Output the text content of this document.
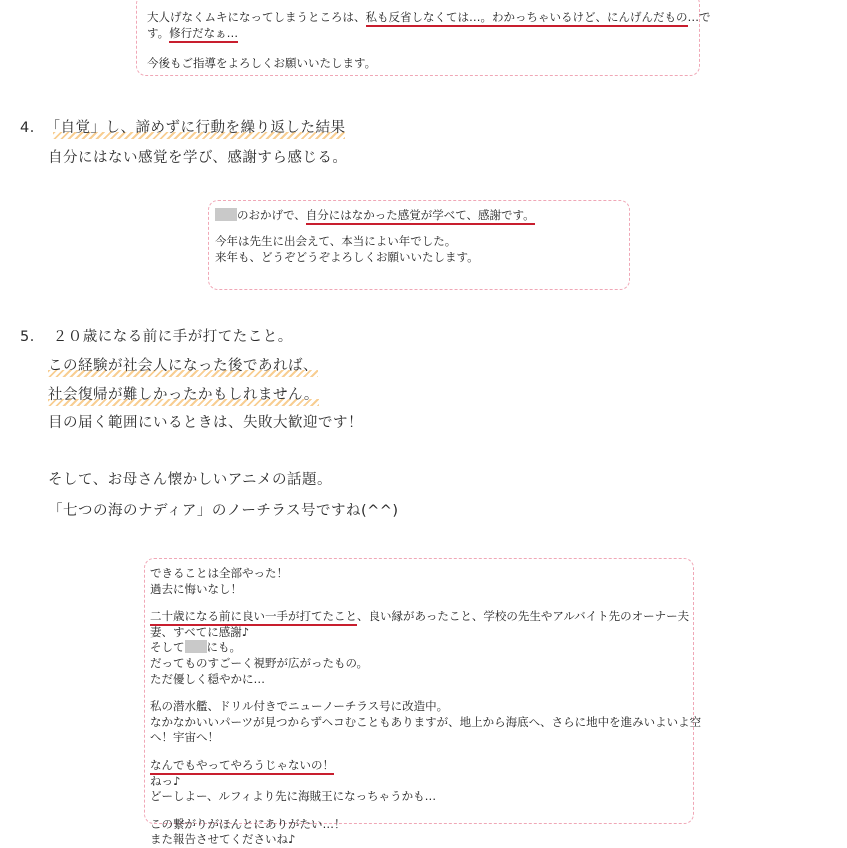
大人げなくムキになってしまうところは、私も反省しなくては…。わかっちゃいるけど、にんげんだもの…で

す。修行だなぁ…

今後もご指導をよろしくお願いいたします。

4． 「自覚」し、諦めずに行動を繰り返した結果
自分にはない感覚を学び、感謝すら感じる。

のおかげで、自分にはなかった感覚が学べて、感謝です。

今年は先生に出会えて、本当によい年でした。

来年も、どうぞどうぞよろしくお願いいたします。

5． ２０歳になる前に手が打てたこと。
この経験が社会人になった後であれば、
社会復帰が難しかったかもしれません。
目の届く範囲にいるときは、失敗大歓迎です！
そして、お母さん懐かしいアニメの話題。
「七つの海のナディア」のノーチラス号ですね(^^)

できることは全部やった！

過去に悔いなし！

二十歳になる前に良い一手が打てたこと、良い縁があったこと、学校の先生やアルバイト先のオーナー夫

妻、すべてに感謝♪

そして にも。

だってものすごーく視野が広がったもの。

ただ優しく穏やかに…

私の潜水艦、ドリル付きでニューノーチラス号に改造中。

なかなかいいパーツが見つからずヘコむこともありますが、地上から海底へ、さらに地中を進みいよいよ空

へ！宇宙へ！

なんでもやってやろうじゃないの！

ねっ♪

どーしよー、ルフィより先に海賊王になっちゃうかも…

この繋がりがほんとにありがたい…！

また報告させてくださいね♪
